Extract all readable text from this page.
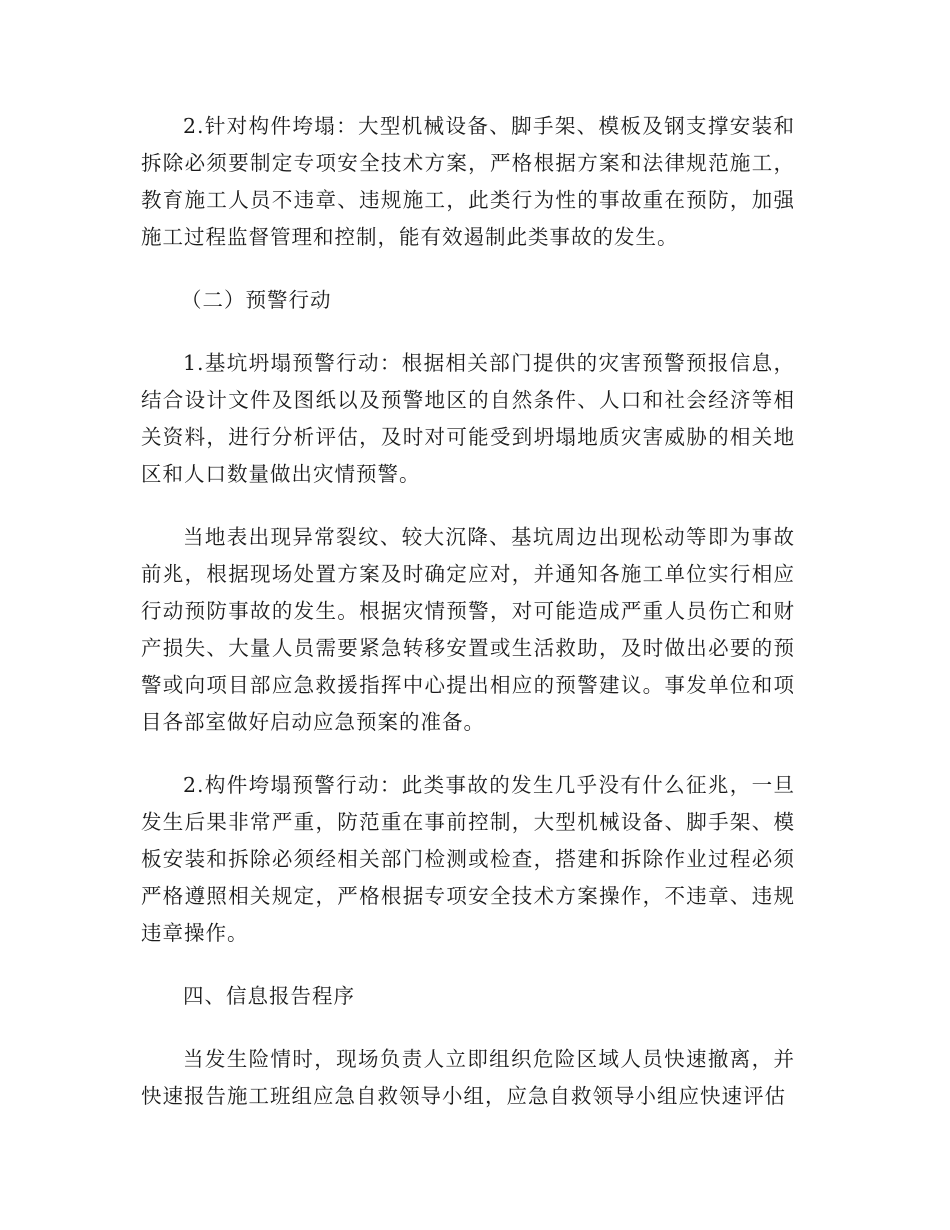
2.针对构件垮塌：大型机械设备、脚手架、模板及钢支撑安装和拆除必须要制定专项安全技术方案，严格根据方案和法律规范施工，教育施工人员不违章、违规施工，此类行为性的事故重在预防，加强施工过程监督管理和控制，能有效遏制此类事故的发生。

（二）预警行动

1.基坑坍塌预警行动：根据相关部门提供的灾害预警预报信息，结合设计文件及图纸以及预警地区的自然条件、人口和社会经济等相关资料，进行分析评估，及时对可能受到坍塌地质灾害威胁的相关地区和人口数量做出灾情预警。

当地表出现异常裂纹、较大沉降、基坑周边出现松动等即为事故前兆，根据现场处置方案及时确定应对，并通知各施工单位实行相应行动预防事故的发生。根据灾情预警，对可能造成严重人员伤亡和财产损失、大量人员需要紧急转移安置或生活救助，及时做出必要的预警或向项目部应急救援指挥中心提出相应的预警建议。事发单位和项目各部室做好启动应急预案的准备。

2.构件垮塌预警行动：此类事故的发生几乎没有什么征兆，一旦发生后果非常严重，防范重在事前控制，大型机械设备、脚手架、模板安装和拆除必须经相关部门检测或检查，搭建和拆除作业过程必须严格遵照相关规定，严格根据专项安全技术方案操作，不违章、违规违章操作。

四、信息报告程序

当发生险情时，现场负责人立即组织危险区域人员快速撤离，并快速报告施工班组应急自救领导小组，应急自救领导小组应快速评估
